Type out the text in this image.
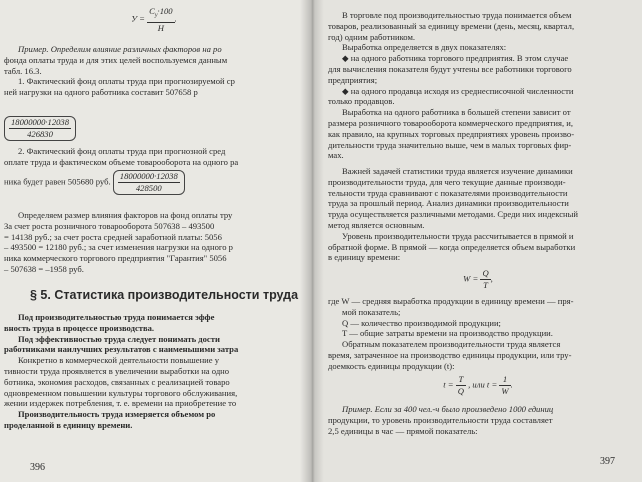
$У = \frac{С_у\cdot 100}{Н}$ .

Пример. Определим влияние различных факторов на ро

фонда оплаты труда и для этих целей воспользуемся данным

табл. 16.3.

1. Фактический фонд оплаты труда при прогнозируемой ср

ней нагрузки на одного работника составит 507658 р

$\frac{18000000\cdot 12038}{426830}$

2. Фактический фонд оплаты труда при прогнозной сред

оплате труда и фактическом объеме товарооборота на одного ра

ника будет равен 505680 руб. $\frac{18000000\cdot 12038}{428500}$

Определяем размер влияния факторов на фонд оплаты тру

За счет роста розничного товарооборота 507638 – 493500

= 14138 руб.; за счет роста средней заработной платы: 5056

– 493500 = 12180 руб.; за счет изменения нагрузки на одного р

ника коммерческого торгового предприятия "Гарантия" 5056

– 507638 = –1958 руб.

§ 5. Статистика производительности труда

Под производительностью труда понимается эффе

вность труда в процессе производства.

Под эффективностью труда следует понимать дости

работниками наилучших результатов с наименьшими затра

Конкретно в коммерческой деятельности повышение у

тивности труда проявляется в увеличении выработки на одно

ботника, экономия расходов, связанных с реализацией товаро

одновременном повышении культуры торгового обслуживания,

жении издержек потребления, т. е. времени на приобретение то

Производительность труда измеряется объемом ро

проделанной в единицу времени.

396

В торговле под производительностью труда понимается объем

товаров, реализованный за единицу времени (день, месяц, квартал,

год) одним работником.

Выработка определяется в двух показателях:

◆ на одного работника торгового предприятия. В этом случае

для вычисления показателя будут учтены все работники торгового

предприятия;

◆ на одного продавца исходя из среднесписочной численности

только продавцов.

Выработка на одного работника в большей степени зависит от

размера розничного товарооборота коммерческого предприятия, и,

как правило, на крупных торговых предприятиях уровень произво-

дительности труда значительно выше, чем в малых торговых фир-

мах.

Важней задачей статистики труда является изучение динамики

производительности труда, для чего текущие данные производи-

тельности труда сравнивают с показателями производительности

труда за прошлый период. Анализ динамики производительности

труда осуществляется различными методами. Среди них индексный

метод является основным.

Уровень производительности труда рассчитывается в прямой и

обратной форме. В прямой — когда определяется объем выработки

в единицу времени:

$W = \frac{Q}{T}$ ,

где W — средняя выработка продукции в единицу времени — пря-

мой показатель;

Q — количество производимой продукции;

T — общие затраты времени на производство продукции.

Обратным показателем производительности труда является

время, затраченное на производство единицы продукции, или тру-

доемкость единицы продукции (t):

$t = \frac{T}{Q}$ , или $t = \frac{1}{W}$ .

Пример. Если за 400 чел.-ч было произведено 1000 единиц

продукции, то уровень производительности труда составляет

2,5 единицы в час — прямой показатель:

397
